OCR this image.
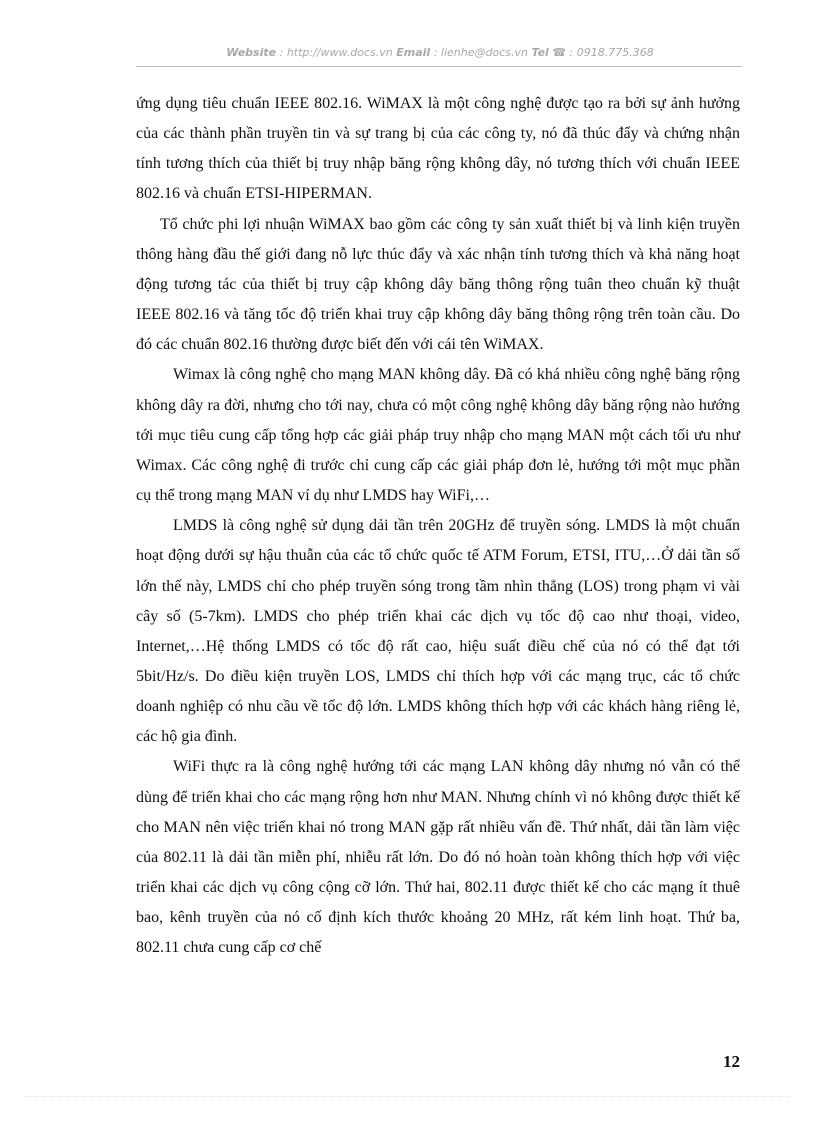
Website : http://www.docs.vn Email : lienhe@docs.vn Tel ☎ : 0918.775.368

ứng dụng tiêu chuẩn IEEE 802.16. WiMAX là một công nghệ được tạo ra bởi sự ảnh hưởng của các thành phần truyền tin và sự trang bị của các công ty, nó đã thúc đẩy và chứng nhận tính tương thích của thiết bị truy nhập băng rộng không dây, nó tương thích với chuẩn IEEE 802.16 và chuẩn ETSI-HIPERMAN.

Tổ chức phi lợi nhuận WiMAX bao gồm các công ty sản xuất thiết bị và linh kiện truyền thông hàng đầu thế giới đang nỗ lực thúc đẩy và xác nhận tính tương thích và khả năng hoạt động tương tác của thiết bị truy cập không dây băng thông rộng tuân theo chuẩn kỹ thuật IEEE 802.16 và tăng tốc độ triển khai truy cập không dây băng thông rộng trên toàn cầu. Do đó các chuẩn 802.16 thường được biết đến với cái tên WiMAX.

Wimax là công nghệ cho mạng MAN không dây. Đã có khá nhiều công nghệ băng rộng không dây ra đời, nhưng cho tới nay, chưa có một công nghệ không dây băng rộng nào hướng tới mục tiêu cung cấp tổng hợp các giải pháp truy nhập cho mạng MAN một cách tối ưu như Wimax. Các công nghệ đi trước chỉ cung cấp các giải pháp đơn lẻ, hướng tới một mục phần cụ thể trong mạng MAN ví dụ như LMDS hay WiFi,…

LMDS là công nghệ sử dụng dải tần trên 20GHz để truyền sóng. LMDS là một chuẩn hoạt động dưới sự hậu thuẫn của các tổ chức quốc tế ATM Forum, ETSI, ITU,…Ở dải tần số lớn thế này, LMDS chỉ cho phép truyền sóng trong tầm nhìn thẳng (LOS) trong phạm vi vài cây số (5-7km). LMDS cho phép triển khai các dịch vụ tốc độ cao như thoại, video, Internet,…Hệ thống LMDS có tốc độ rất cao, hiệu suất điều chế của nó có thể đạt tới 5bit/Hz/s. Do điều kiện truyền LOS, LMDS chỉ thích hợp với các mạng trục, các tổ chức doanh nghiệp có nhu cầu về tốc độ lớn. LMDS không thích hợp với các khách hàng riêng lẻ, các hộ gia đình.

WiFi thực ra là công nghệ hướng tới các mạng LAN không dây nhưng nó vẫn có thể dùng để triển khai cho các mạng rộng hơn như MAN. Nhưng chính vì nó không được thiết kế cho MAN nên việc triển khai nó trong MAN gặp rất nhiều vấn đề. Thứ nhất, dải tần làm việc của 802.11 là dải tần miễn phí, nhiễu rất lớn. Do đó nó hoàn toàn không thích hợp với việc triển khai các dịch vụ công cộng cỡ lớn. Thứ hai, 802.11 được thiết kế cho các mạng ít thuê bao, kênh truyền của nó cố định kích thước khoảng 20 MHz, rất kém linh hoạt. Thứ ba, 802.11 chưa cung cấp cơ chế

12
